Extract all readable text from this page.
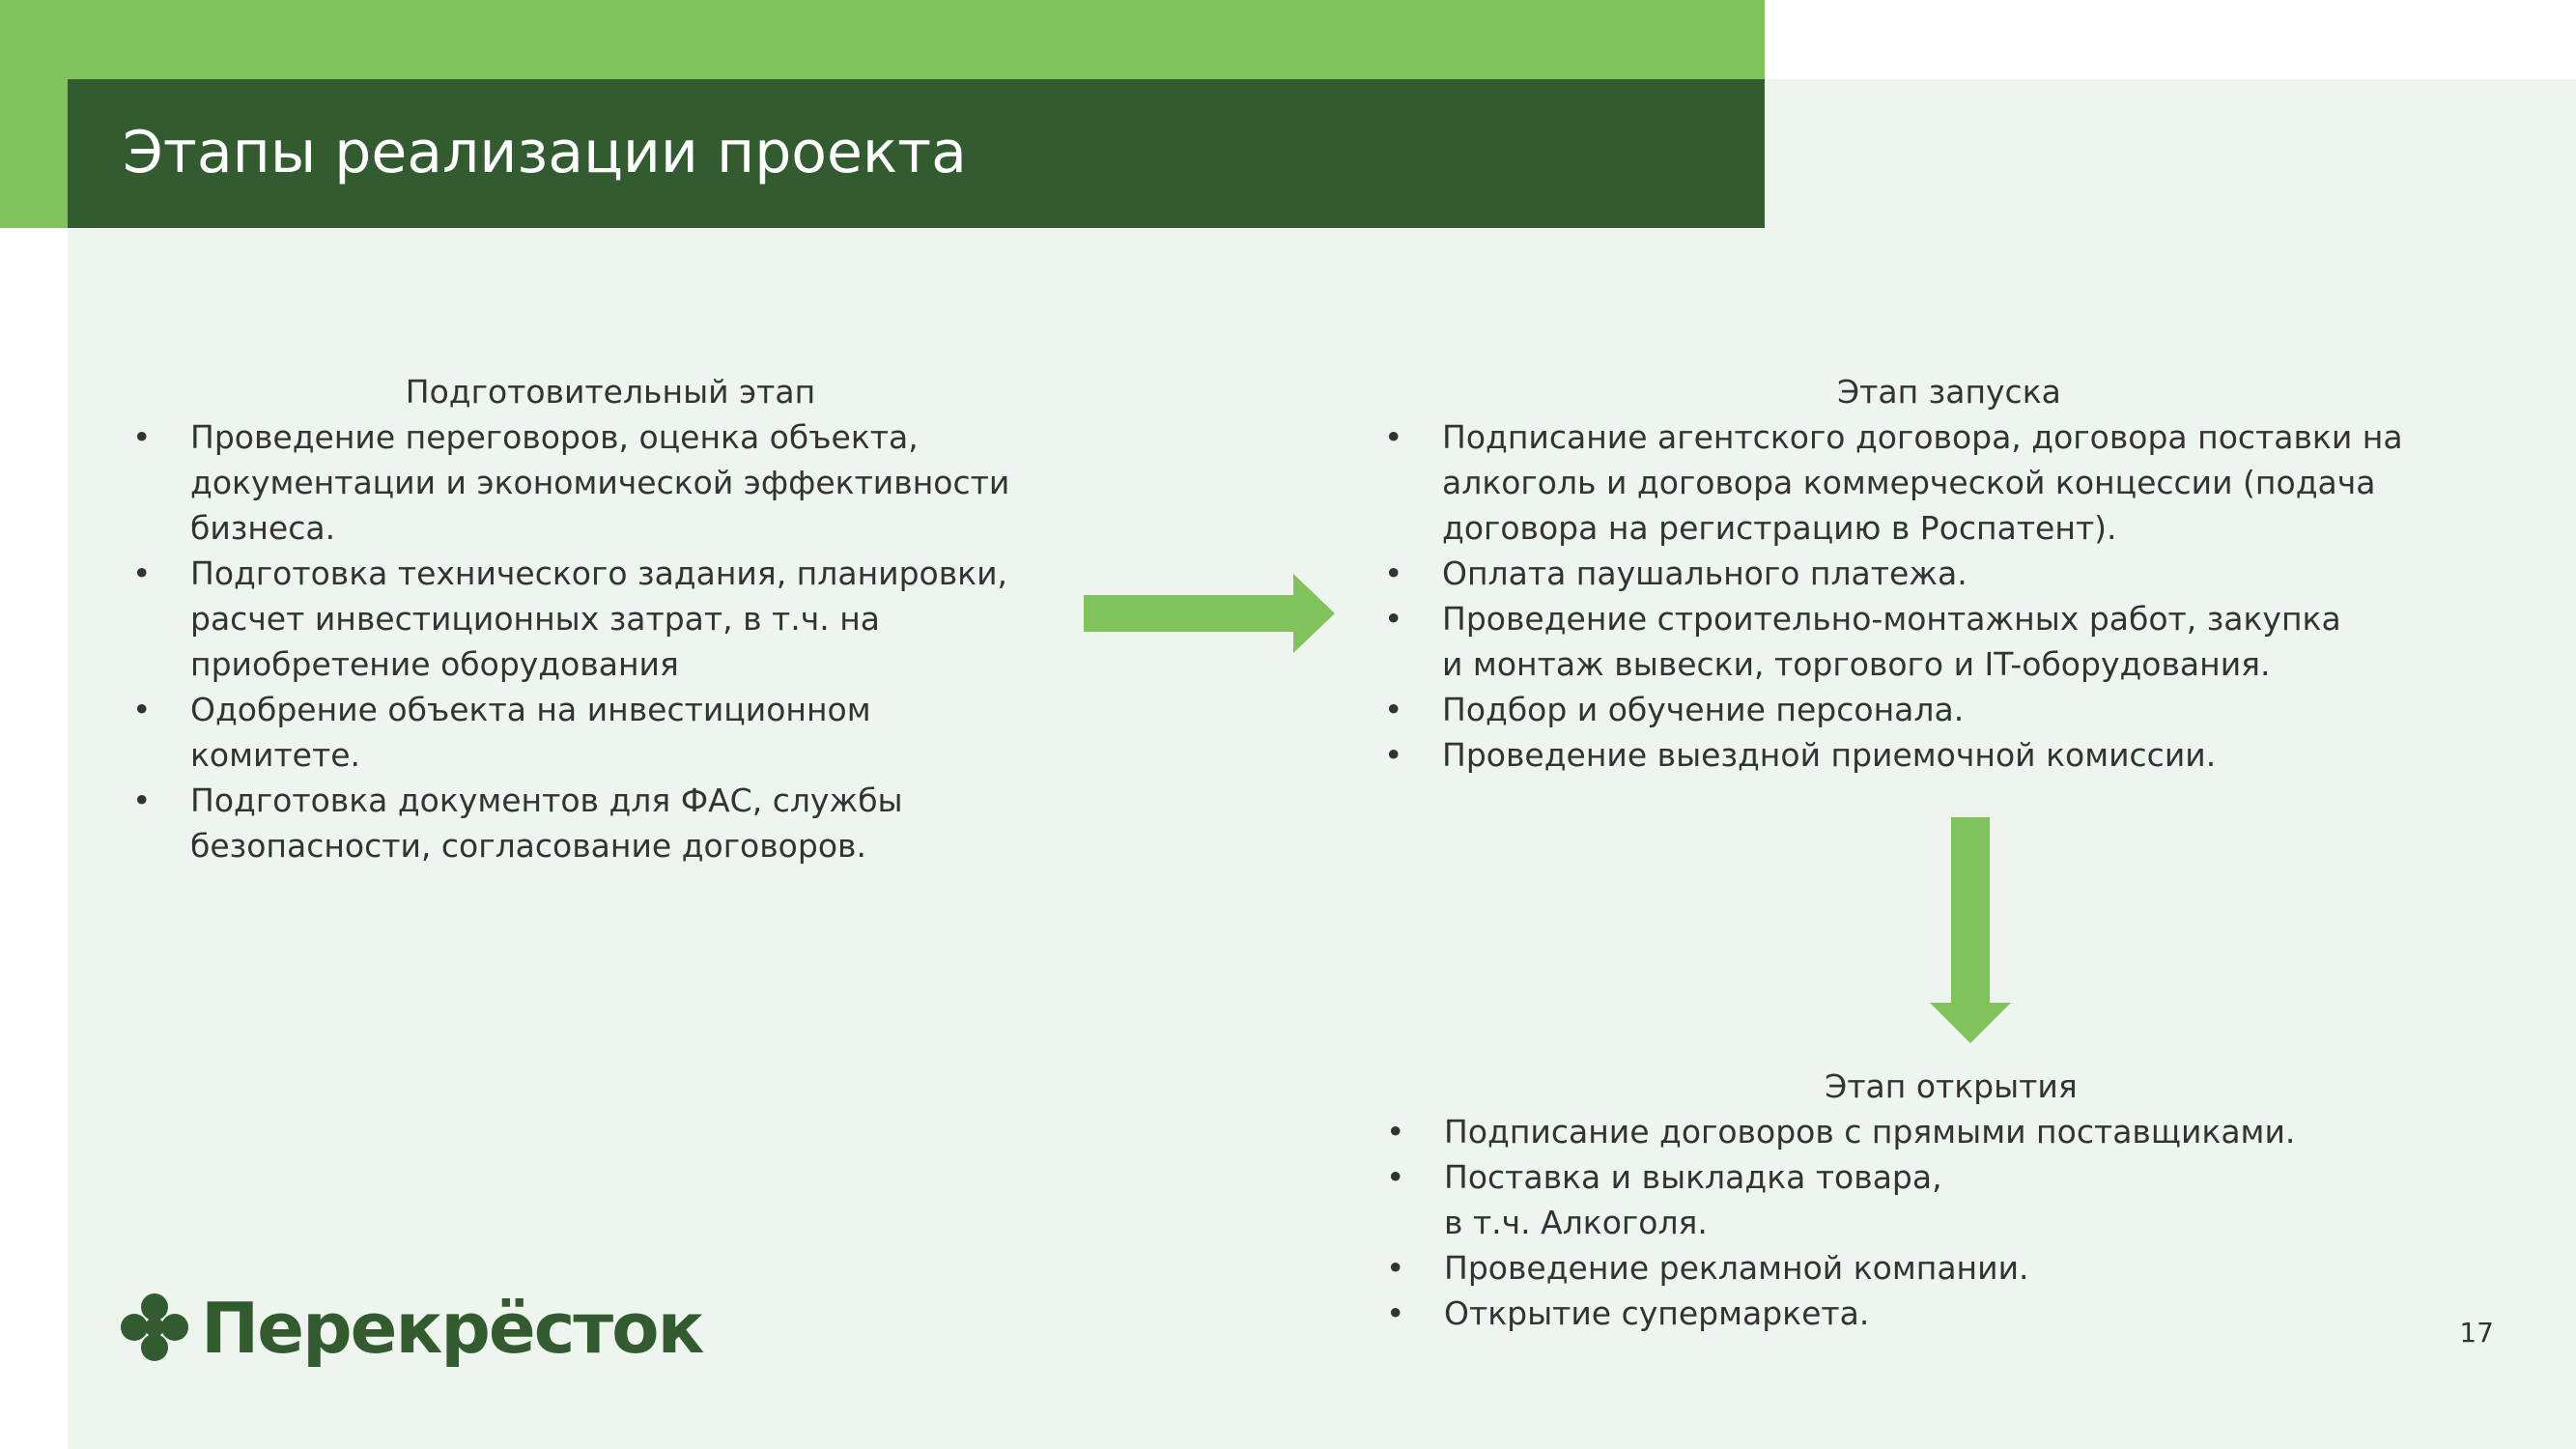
Этапы реализации проекта
Подготовительный этап
• Проведение переговоров, оценка объекта,
документации и экономической эффективности
бизнеса.
• Подготовка технического задания, планировки,
расчет инвестиционных затрат, в т.ч. на
приобретение оборудования
• Одобрение объекта на инвестиционном
комитете.
• Подготовка документов для ФАС, службы
безопасности, согласование договоров.
Этап запуска
• Подписание агентского договора, договора поставки на
алкоголь и договора коммерческой концессии (подача
договора на регистрацию в Роспатент).
• Оплата паушального платежа.
• Проведение строительно-монтажных работ, закупка
и монтаж вывески, торгового и IT-оборудования.
• Подбор и обучение персонала.
• Проведение выездной приемочной комиссии.
Этап открытия
• Подписание договоров с прямыми поставщиками.
• Поставка и выкладка товара,
в т.ч. Алкоголя.
• Проведение рекламной компании.
• Открытие супермаркета.
Перекрёсток	17
